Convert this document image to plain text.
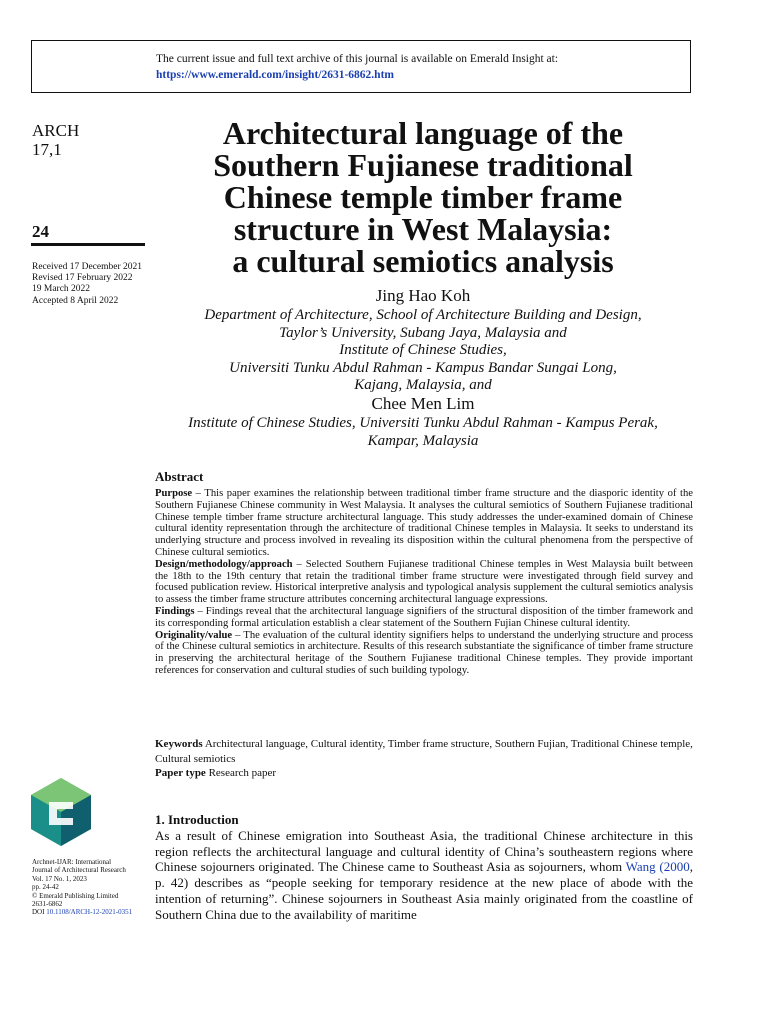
The current issue and full text archive of this journal is available on Emerald Insight at:
https://www.emerald.com/insight/2631-6862.htm
ARCH
17,1
24
Received 17 December 2021
Revised 17 February 2022
19 March 2022
Accepted 8 April 2022
Architectural language of the
Southern Fujianese traditional
Chinese temple timber frame
structure in West Malaysia:
a cultural semiotics analysis
Jing Hao Koh
Department of Architecture, School of Architecture Building and Design,
Taylor’s University, Subang Jaya, Malaysia and
Institute of Chinese Studies,
Universiti Tunku Abdul Rahman - Kampus Bandar Sungai Long,
Kajang, Malaysia, and
Chee Men Lim
Institute of Chinese Studies, Universiti Tunku Abdul Rahman - Kampus Perak,
Kampar, Malaysia
Abstract

Purpose – This paper examines the relationship between traditional timber frame structure and the diasporic identity of the Southern Fujianese Chinese community in West Malaysia. It analyses the cultural semiotics of Southern Fujianese traditional Chinese temple timber frame structure architectural language. This study addresses the under-examined domain of Chinese cultural identity representation through the architecture of traditional Chinese temples in Malaysia. It seeks to understand its underlying structure and process involved in revealing its disposition within the cultural phenomena from the perspective of Chinese cultural semiotics.

Design/methodology/approach – Selected Southern Fujianese traditional Chinese temples in West Malaysia built between the 18th to the 19th century that retain the traditional timber frame structure were investigated through field survey and focused publication review. Historical interpretive analysis and typological analysis supplement the cultural semiotics analysis to assess the timber frame structure attributes concerning architectural language expressions.

Findings – Findings reveal that the architectural language signifiers of the structural disposition of the timber framework and its corresponding formal articulation establish a clear statement of the Southern Fujian Chinese cultural identity.

Originality/value – The evaluation of the cultural identity signifiers helps to understand the underlying structure and process of the Chinese cultural semiotics in architecture. Results of this research substantiate the significance of timber frame structure in preserving the architectural heritage of the Southern Fujianese traditional Chinese temples. They provide important references for conservation and cultural studies of such building typology.

Keywords Architectural language, Cultural identity, Timber frame structure, Southern Fujian, Traditional Chinese temple, Cultural semiotics
Paper type Research paper
Archnet-IJAR: International
Journal of Architectural Research
Vol. 17 No. 1, 2023
pp. 24-42
© Emerald Publishing Limited
2631-6862
DOI 10.1108/ARCH-12-2021-0351
1. Introduction
As a result of Chinese emigration into Southeast Asia, the traditional Chinese architecture in this region reflects the architectural language and cultural identity of China’s southeastern regions where Chinese sojourners originated. The Chinese came to Southeast Asia as sojourners, whom Wang (2000, p. 42) describes as “people seeking for temporary residence at the new place of abode with the intention of returning”. Chinese sojourners in Southeast Asia mainly originated from the coastline of Southern China due to the availability of maritime
